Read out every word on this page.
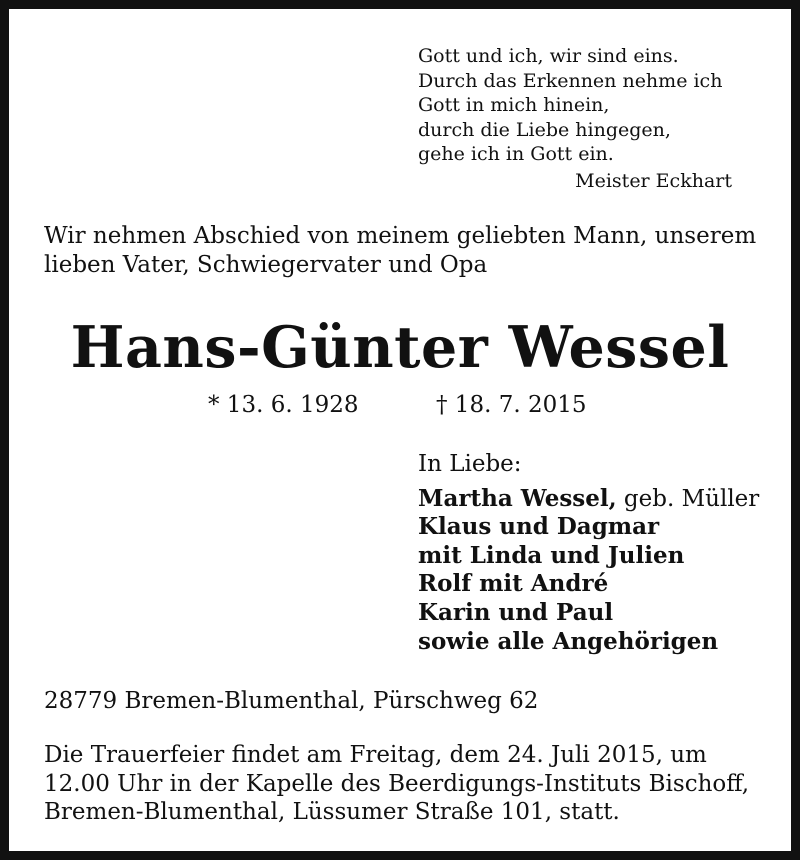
Gott und ich, wir sind eins.
Durch das Erkennen nehme ich
Gott in mich hinein,
durch die Liebe hingegen,
gehe ich in Gott ein.
Meister Eckhart
Wir nehmen Abschied von meinem geliebten Mann, unserem
lieben Vater, Schwiegervater und Opa
Hans-Günter Wessel
* 13. 6. 1928	† 18. 7. 2015
In Liebe:
Martha Wessel, geb. Müller
Klaus und Dagmar
mit Linda und Julien
Rolf mit André
Karin und Paul
sowie alle Angehörigen
28779 Bremen-Blumenthal, Pürschweg 62
Die Trauerfeier findet am Freitag, dem 24. Juli 2015, um
12.00 Uhr in der Kapelle des Beerdigungs-Instituts Bischoff,
Bremen-Blumenthal, Lüssumer Straße 101, statt.
